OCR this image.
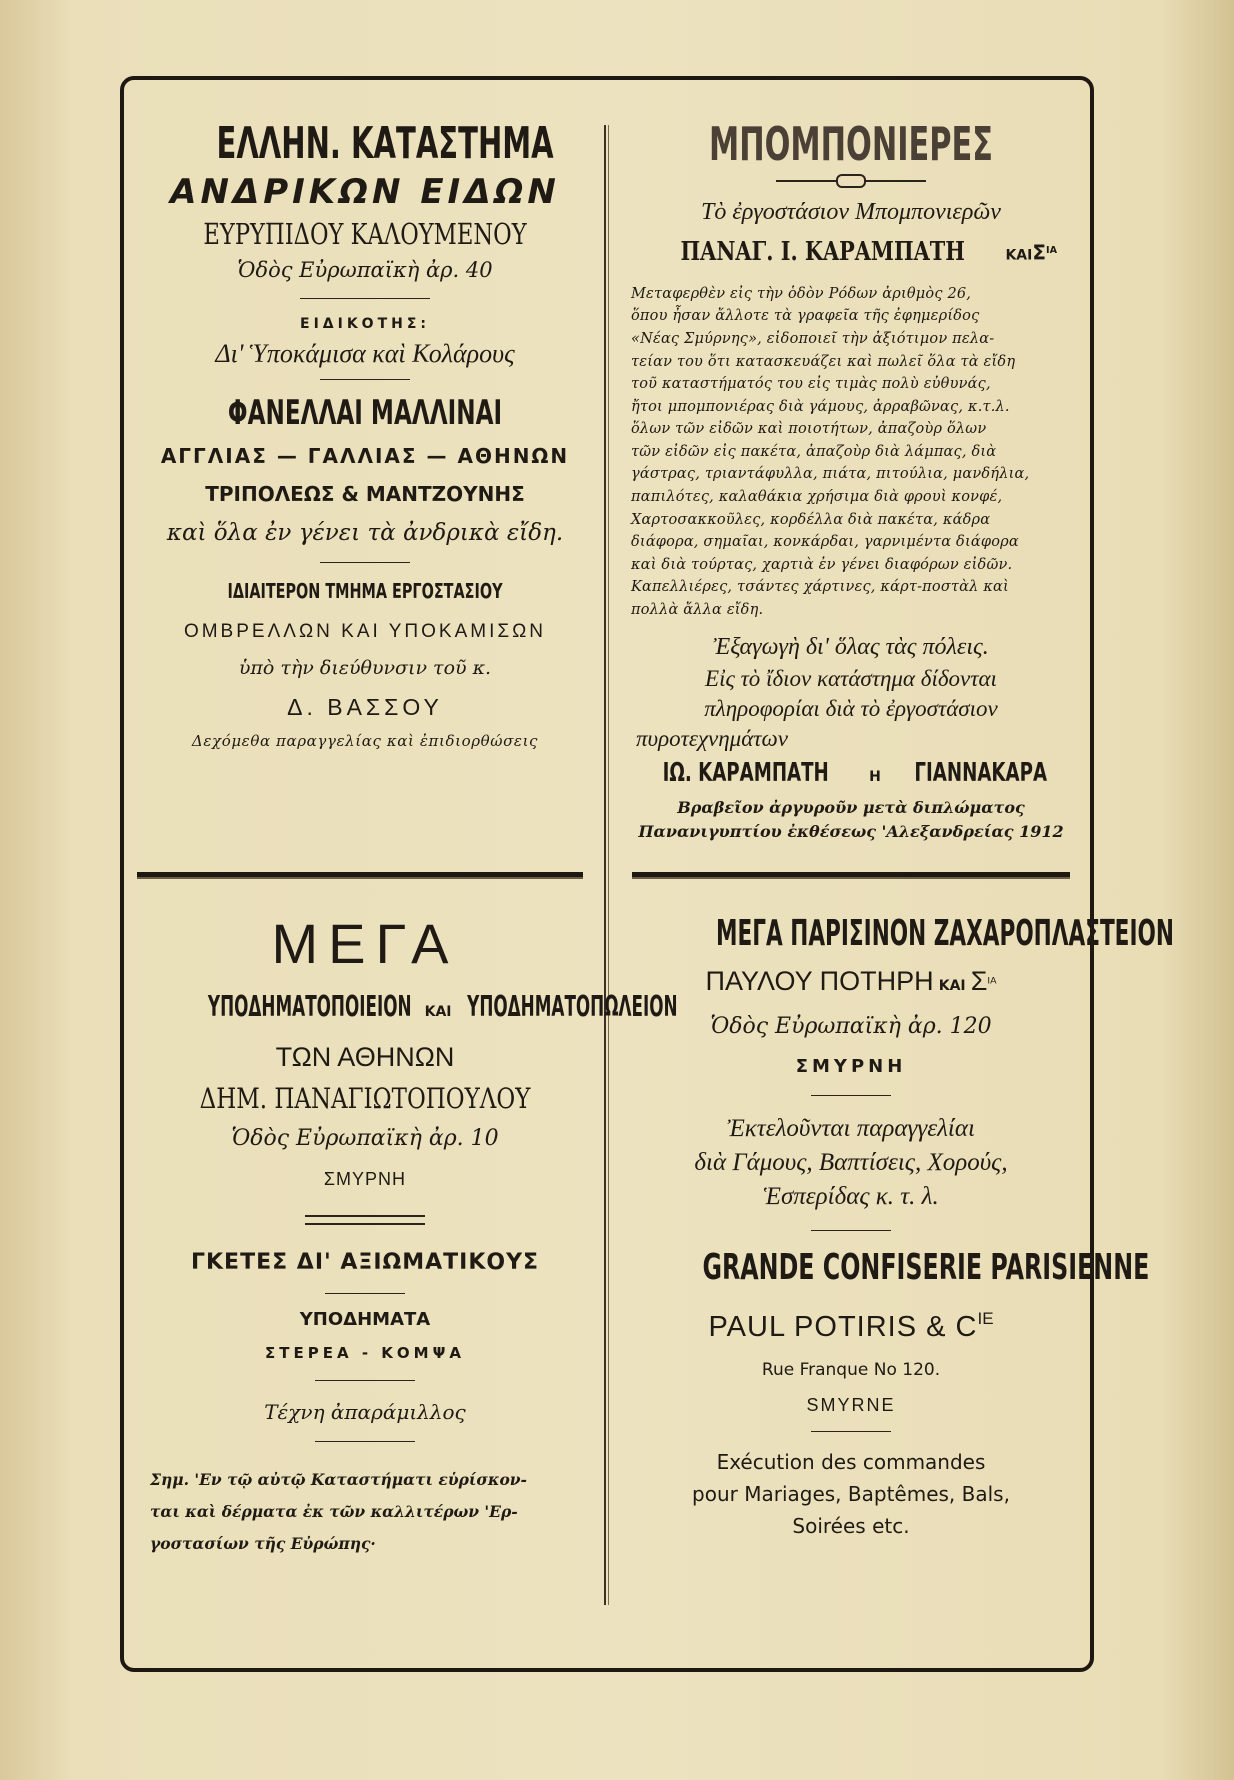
ΕΛΛΗΝ. ΚΑΤΑΣΤΗΜΑ
ΑΝΔΡΙΚΩΝ ΕΙΔΩΝ
ΕΥΡΥΠΙΔΟΥ ΚΑΛΟΥΜΕΝΟΥ
Ὁδὸς Εὐρωπαϊκὴ ἀρ. 40
ΕΙΔΙΚΟΤΗΣ:
Δι' Ὑποκάμισα καὶ Κολάρους
ΦΑΝΕΛΛΑΙ ΜΑΛΛΙΝΑΙ
ΑΓΓΛΙΑΣ — ΓΑΛΛΙΑΣ — ΑΘΗΝΩΝ
ΤΡΙΠΟΛΕΩΣ & ΜΑΝΤΖΟΥΝΗΣ
καὶ ὅλα ἐν γένει τὰ ἀνδρικὰ εἴδη.
ΙΔΙΑΙΤΕΡΟΝ ΤΜΗΜΑ ΕΡΓΟΣΤΑΣΙΟΥ
ΟΜΒΡΕΛΛΩΝ ΚΑΙ ΥΠΟΚΑΜΙΣΩΝ
ὑπὸ τὴν διεύθυνσιν τοῦ κ.
Δ. ΒΑΣΣΟΥ
Δεχόμεθα παραγγελίας καὶ ἐπιδιορθώσεις
ΜΠΟΜΠΟΝΙΕΡΕΣ
Τὸ ἐργοστάσιον Μπομπονιερῶν
ΠΑΝΑΓ. Ι. ΚΑΡΑΜΠΑΤΗ	$KAI\Sigma^{IA}$
Μεταφερθὲν εἰς τὴν ὁδὸν Ρόδων ἀριθμὸς 26,
ὅπου ἦσαν ἄλλοτε τὰ γραφεῖα τῆς ἐφημερίδος
«Νέας Σμύρνης», εἰδοποιεῖ τὴν ἀξιότιμον πελα-
τείαν του ὅτι κατασκευάζει καὶ πωλεῖ ὅλα τὰ εἴδη
τοῦ καταστήματός του εἰς τιμὰς πολὺ εὐθυνάς,
ἤτοι μπομπονιέρας διὰ γάμους, ἀρραβῶνας, κ.τ.λ.
ὅλων τῶν εἰδῶν καὶ ποιοτήτων, ἀπαζοὺρ ὅλων
τῶν εἰδῶν εἰς πακέτα, ἀπαζοὺρ διὰ λάμπας, διὰ
γάστρας, τριαντάφυλλα, πιάτα, πιτούλια, μανδήλια,
παπιλότες, καλαθάκια χρήσιμα διὰ φρουὶ κονφέ,
Χαρτοσακκοῦλες, κορδέλλα διὰ πακέτα, κάδρα
διάφορα, σημαῖαι, κονκάρδαι, γαρνιμέντα διάφορα
καὶ διὰ τούρτας, χαρτιὰ ἐν γένει διαφόρων εἰδῶν.
Καπελλιέρες, τσάντες χάρτινες, κάρτ-ποστὰλ καὶ
πολλὰ ἄλλα εἴδη.
Ἐξαγωγὴ δι' ὅλας τὰς πόλεις.
Εἰς τὸ ἴδιον κατάστημα δίδονται
πληροφορίαι διὰ τὸ ἐργοστάσιον
πυροτεχνημάτων
ΙΩ. ΚΑΡΑΜΠΑΤΗ	Η ΓΙΑΝΝΑΚΑΡΑ
Βραβεῖον ἀργυροῦν μετὰ διπλώματος
Πανανιγυπτίου ἐκθέσεως 'Αλεξανδρείας 1912
ΜΕΓΑ
ΥΠΟΔΗΜΑΤΟΠΟΙΕΙΟΝ ΚΑΙ ΥΠΟΔΗΜΑΤΟΠΩΛΕΙΟΝ
ΤΩΝ ΑΘΗΝΩΝ
ΔΗΜ. ΠΑΝΑΓΙΩΤΟΠΟΥΛΟΥ
Ὁδὸς Εὐρωπαϊκὴ ἀρ. 10
ΣΜΥΡΝΗ
ΓΚΕΤΕΣ ΔΙ' ΑΞΙΩΜΑΤΙΚΟΥΣ
ΥΠΟΔΗΜΑΤΑ
ΣΤΕΡΕΑ - ΚΟΜΨΑ
Τέχνη ἀπαράμιλλος
Σημ. 'Εν τῷ αὐτῷ Καταστήματι εὑρίσκον-
ται καὶ δέρματα ἐκ τῶν καλλιτέρων 'Ερ-
γοστασίων τῆς Εὐρώπης·
ΜΕΓΑ ΠΑΡΙΣΙΝΟΝ ΖΑΧΑΡΟΠΛΑΣΤΕΙΟΝ
ΠΑΥΛΟΥ ΠΟΤΗΡΗ ΚΑΙ $\Sigma^{IA}$
Ὁδὸς Εὐρωπαϊκὴ ἀρ. 120
ΣΜΥΡΝΗ
Ἐκτελοῦνται παραγγελίαι
διὰ Γάμους, Βαπτίσεις, Χορούς,
Ἑσπερίδας κ. τ. λ.
GRANDE CONFISERIE PARISIENNE
PAUL POTIRIS & $C^{IE}$
Rue Franque No 120.
SMYRNE
Exécution des commandes
pour Mariages, Baptêmes, Bals,
Soirées etc.
